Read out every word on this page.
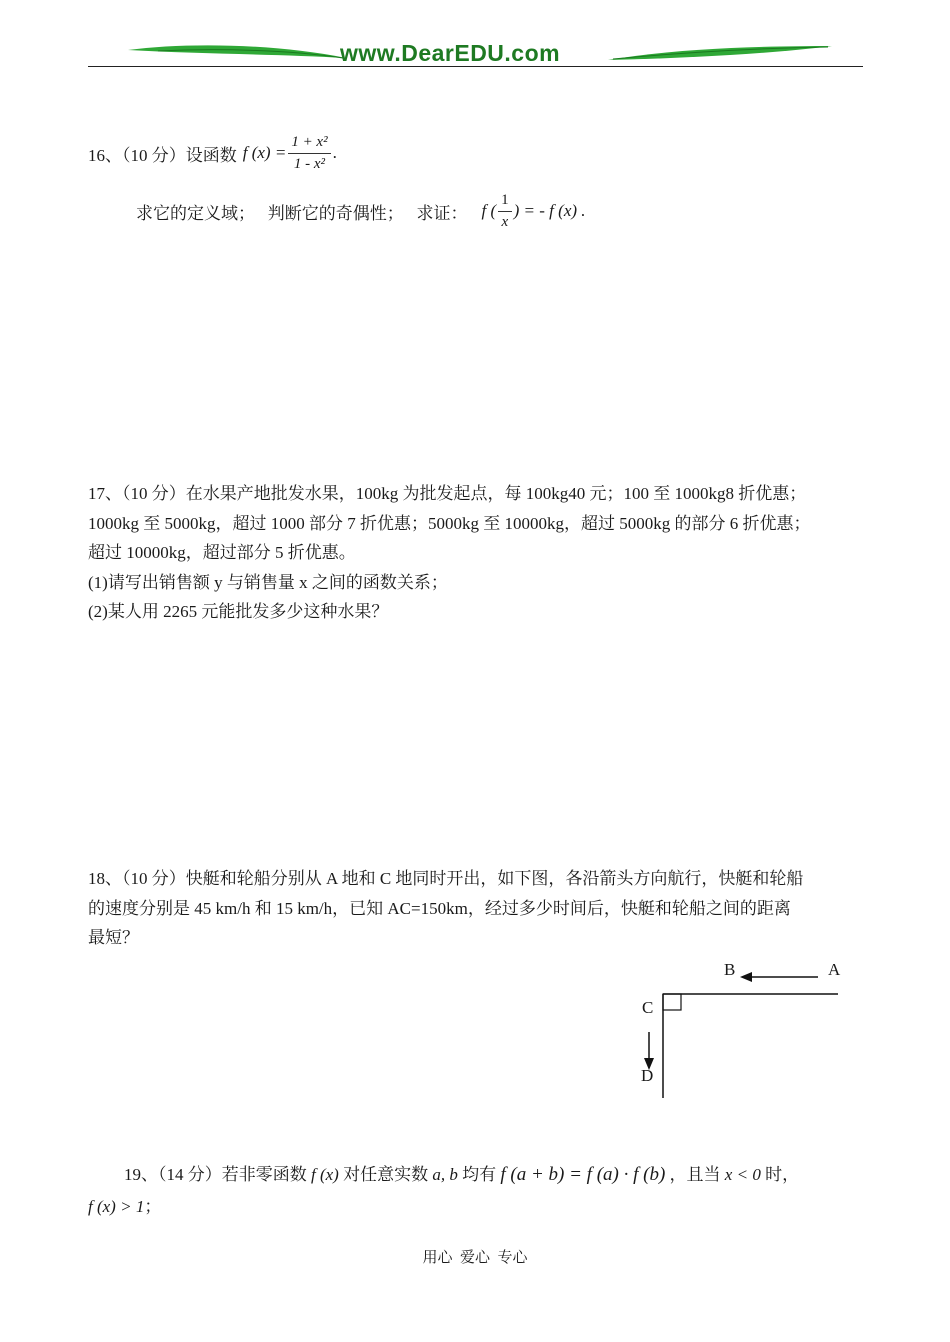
www.DearEDU.com
16、（10 分）设函数 f $(x) = \frac{\text{1 + x²}}{\text{1 - x²}}$ .
求它的定义域；   判断它的奇偶性；   求证： f ( $\frac{1}{x}$ ) = - f (x) .
17、（10 分）在水果产地批发水果，100kg 为批发起点，每 100kg40 元；100 至 1000kg8 折优惠；
1000kg 至 5000kg，超过 1000 部分 7 折优惠；5000kg 至 10000kg，超过 5000kg 的部分 6 折优惠；
超过 10000kg，超过部分 5 折优惠。
(1)请写出销售额 y 与销售量 x 之间的函数关系；
(2)某人用 2265 元能批发多少这种水果？
18、（10 分）快艇和轮船分别从 A 地和 C 地同时开出，如下图，各沿箭头方向航行，快艇和轮船
的速度分别是 45 km/h 和 15 km/h，已知 AC=150km，经过多少时间后，快艇和轮船之间的距离
最短？
B	A
C
D
19、（14 分）若非零函数 f (x) 对任意实数 a, b 均有 f (a + b) = f (a) · f (b) ，且当 x < 0 时，
f (x) > 1；
用心  爱心  专心
